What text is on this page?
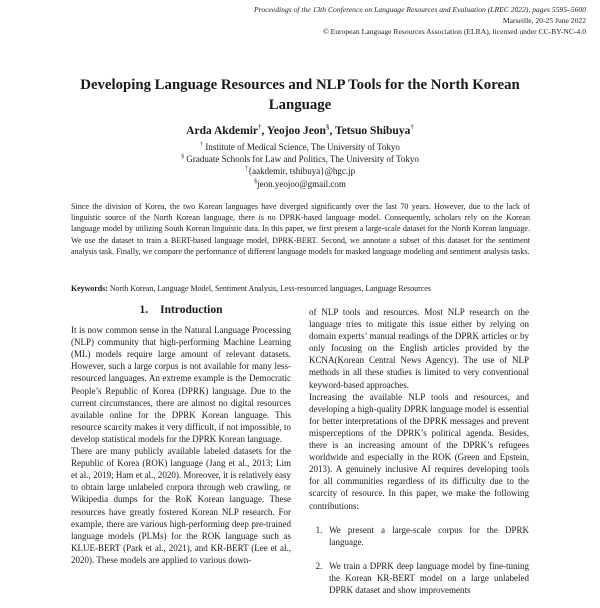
Proceedings of the 13th Conference on Language Resources and Evaluation (LREC 2022), pages 5595–5600
Marseille, 20-25 June 2022
© European Language Resources Association (ELRA), licensed under CC-BY-NC-4.0
Developing Language Resources and NLP Tools for the North Korean Language
Arda Akdemir†, Yeojoo Jeon§, Tetsuo Shibuya†
† Institute of Medical Science, The University of Tokyo
§ Graduate Schools for Law and Politics, The University of Tokyo
†{aakdemir, tshibuya}@hgc.jp
§jeon.yeojoo@gmail.com
Since the division of Korea, the two Korean languages have diverged significantly over the last 70 years. However, due to the lack of linguistic source of the North Korean language, there is no DPRK-based language model. Consequently, scholars rely on the Korean language model by utilizing South Korean linguistic data. In this paper, we first present a large-scale dataset for the North Korean language. We use the dataset to train a BERT-based language model, DPRK-BERT. Second, we annotate a subset of this dataset for the sentiment analysis task. Finally, we compare the performance of different language models for masked language modeling and sentiment analysis tasks.
Keywords: North Korean, Language Model, Sentiment Analysis, Less-resourced languages, Language Resources
1. Introduction

It is now common sense in the Natural Language Processing (NLP) community that high-performing Machine Learning (ML) models require large amount of relevant datasets. However, such a large corpus is not available for many less-resourced languages. An extreme example is the Democratic People’s Republic of Korea (DPRK) language. Due to the current circumstances, there are almost no digital resources available online for the DPRK Korean language. This resource scarcity makes it very difficult, if not impossible, to develop statistical models for the DPRK Korean language.

There are many publicly available labeled datasets for the Republic of Korea (ROK) language (Jang et al., 2013; Lim et al., 2019; Ham et al., 2020). Moreover, it is relatively easy to obtain large unlabeled corpora through web crawling, or Wikipedia dumps for the RoK Korean language. These resources have greatly fostered Korean NLP research. For example, there are various high-performing deep pre-trained language models (PLMs) for the ROK language such as KLUE-BERT (Park et al., 2021), and KR-BERT (Lee et al., 2020). These models are applied to various down-

of NLP tools and resources. Most NLP research on the language tries to mitigate this issue either by relying on domain experts’ manual readings of the DPRK articles or by only focusing on the English articles provided by the KCNA(Korean Central News Agency). The use of NLP methods in all these studies is limited to very conventional keyword-based approaches.

Increasing the available NLP tools and resources, and developing a high-quality DPRK language model is essential for better interpretations of the DPRK messages and prevent misperceptions of the DPRK’s political agenda. Besides, there is an increasing amount of the DPRK’s refugees worldwide and especially in the ROK (Green and Epstein, 2013). A genuinely inclusive AI requires developing tools for all communities regardless of its difficulty due to the scarcity of resource. In this paper, we make the following contributions:

1. We present a large-scale corpus for the DPRK language.
2. We train a DPRK deep language model by fine-tuning the Korean KR-BERT model on a large unlabeled DPRK dataset and show improvements
